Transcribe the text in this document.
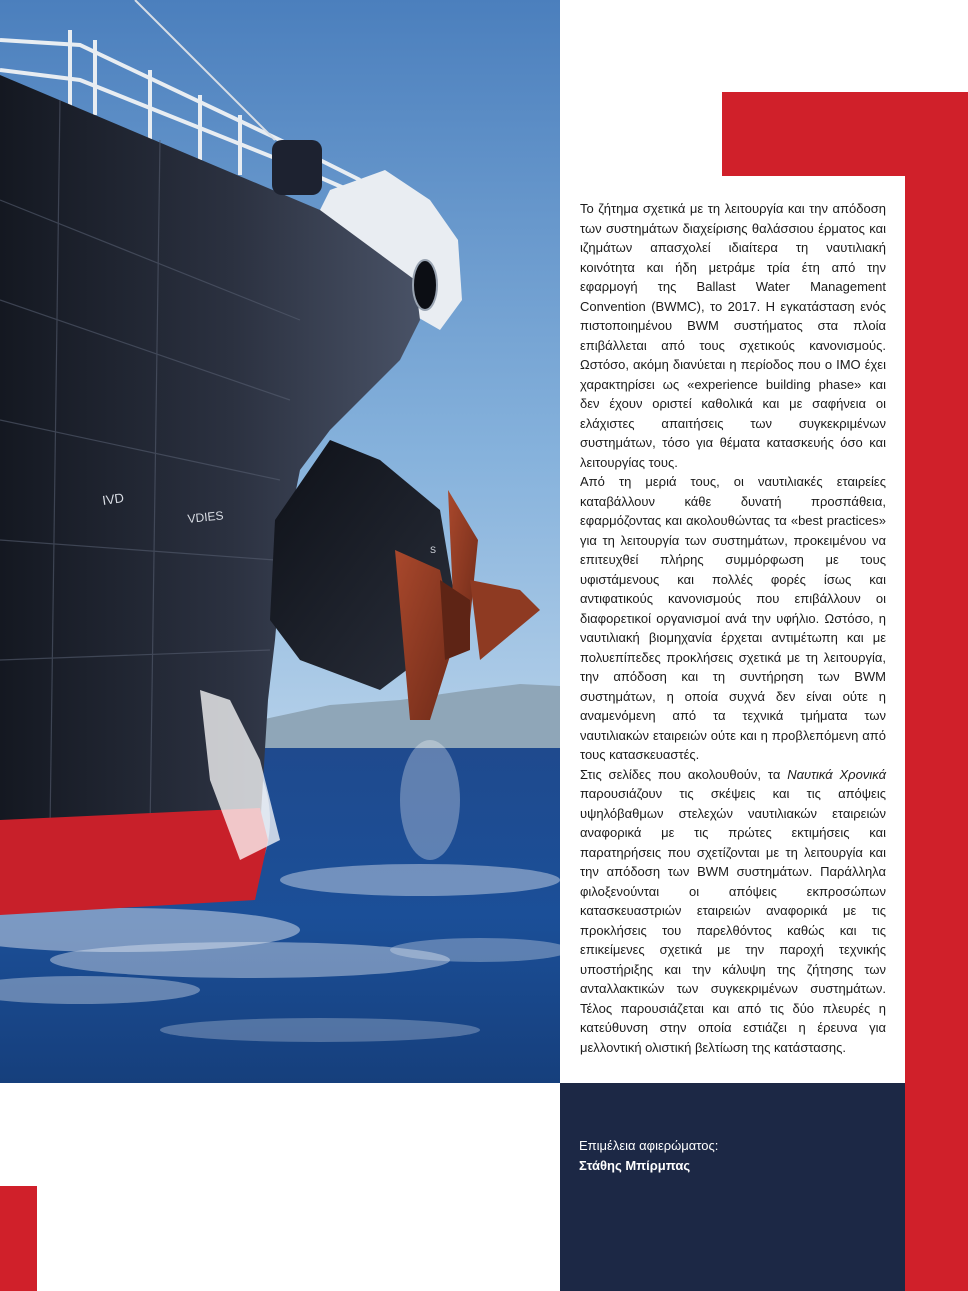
IVD
VDIES
S
Επιμέλεια αφιερώματος:
Στάθης Μπίρμπας

Το ζήτημα σχετικά με τη λειτουργία και την απόδοση των συστημάτων διαχείρισης θαλάσσιου έρματος και ιζημάτων απασχολεί ιδιαίτερα τη ναυτιλιακή κοινότητα και ήδη μετράμε τρία έτη από την εφαρμογή της Ballast Water Management Convention (BWMC), το 2017. Η εγκατάσταση ενός πιστοποιημένου BWM συστήματος στα πλοία επιβάλλεται από τους σχετικούς κανονισμούς. Ωστόσο, ακόμη διανύεται η περίοδος που ο IMO έχει χαρακτηρίσει ως «experience building phase» και δεν έχουν οριστεί καθολικά και με σαφήνεια οι ελάχιστες απαιτήσεις των συγκεκριμένων συστημάτων, τόσο για θέματα κατασκευής όσο και λειτουργίας τους.

Από τη μεριά τους, οι ναυτιλιακές εταιρείες καταβάλλουν κάθε δυνατή προσπάθεια, εφαρμόζοντας και ακολουθώντας τα «best practices» για τη λειτουργία των συστημάτων, προκειμένου να επιτευχθεί πλήρης συμμόρφωση με τους υφιστάμενους και πολλές φορές ίσως και αντιφατικούς κανονισμούς που επιβάλλουν οι διαφορετικοί οργανισμοί ανά την υφήλιο. Ωστόσο, η ναυτιλιακή βιομηχανία έρχεται αντιμέτωπη και με πολυεπίπεδες προκλήσεις σχετικά με τη λειτουργία, την απόδοση και τη συντήρηση των BWM συστημάτων, η οποία συχνά δεν είναι ούτε η αναμενόμενη από τα τεχνικά τμήματα των ναυτιλιακών εταιρειών ούτε και η προβλεπόμενη από τους κατασκευαστές.

Στις σελίδες που ακολουθούν, τα Ναυτικά Χρονικά παρουσιάζουν τις σκέψεις και τις απόψεις υψηλόβαθμων στελεχών ναυτιλιακών εταιρειών αναφορικά με τις πρώτες εκτιμήσεις και παρατηρήσεις που σχετίζονται με τη λειτουργία και την απόδοση των BWM συστημάτων. Παράλληλα φιλοξενούνται οι απόψεις εκπροσώπων κατασκευαστριών εταιρειών αναφορικά με τις προκλήσεις του παρελθόντος καθώς και τις επικείμενες σχετικά με την παροχή τεχνικής υποστήριξης και την κάλυψη της ζήτησης των ανταλλακτικών των συγκεκριμένων συστημάτων. Τέλος παρουσιάζεται και από τις δύο πλευρές η κατεύθυνση στην οποία εστιάζει η έρευνα για μελλοντική ολιστική βελτίωση της κατάστασης.
